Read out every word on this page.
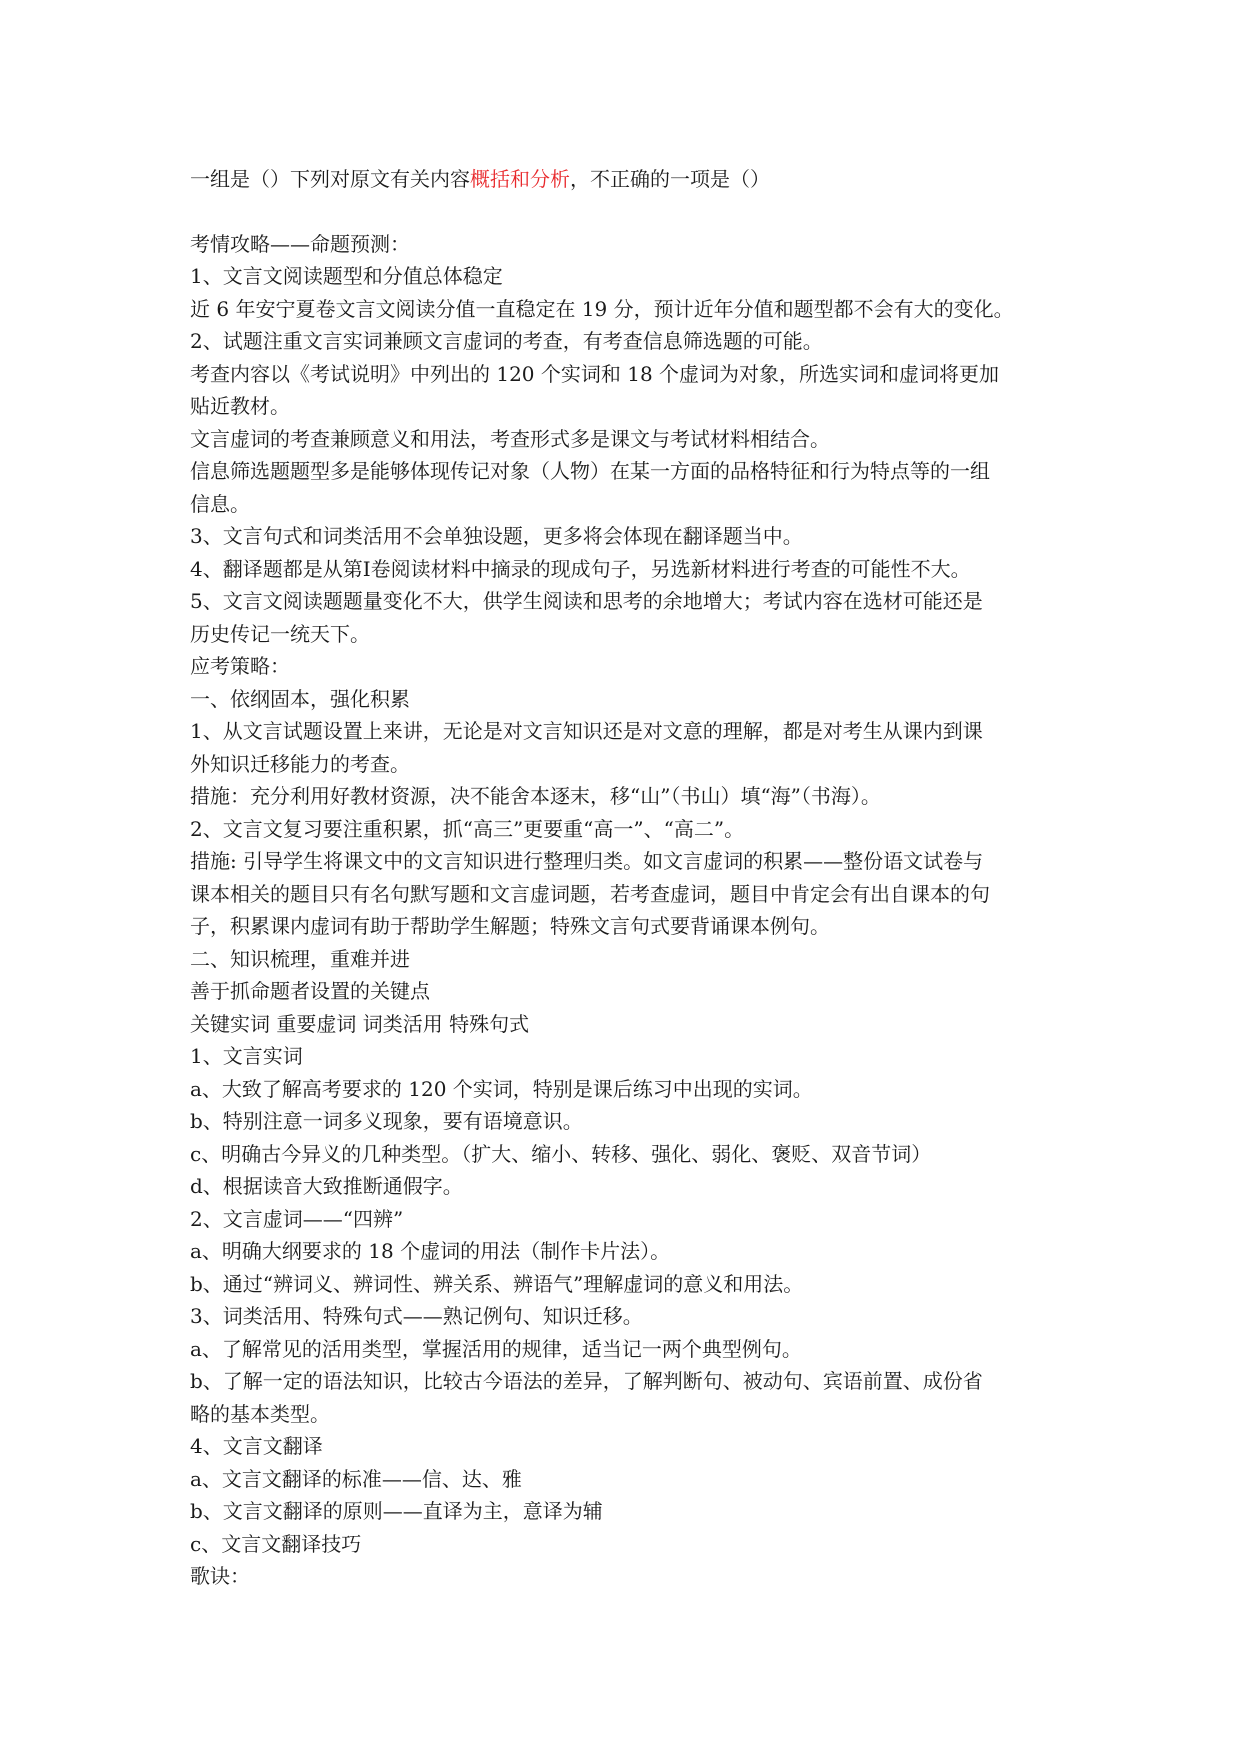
一组是（）下列对原文有关内容概括和分析，不正确的一项是（）

考情攻略——命题预测：

1、文言文阅读题型和分值总体稳定

近 6 年安宁夏卷文言文阅读分值一直稳定在 19 分，预计近年分值和题型都不会有大的变化。

2、试题注重文言实词兼顾文言虚词的考查，有考查信息筛选题的可能。

考查内容以《考试说明》中列出的 120 个实词和 18 个虚词为对象，所选实词和虚词将更加

贴近教材。

文言虚词的考查兼顾意义和用法，考查形式多是课文与考试材料相结合。

信息筛选题题型多是能够体现传记对象（人物）在某一方面的品格特征和行为特点等的一组

信息。

3、文言句式和词类活用不会单独设题，更多将会体现在翻译题当中。

4、翻译题都是从第Ⅰ卷阅读材料中摘录的现成句子，另选新材料进行考查的可能性不大。

5、文言文阅读题题量变化不大，供学生阅读和思考的余地增大；考试内容在选材可能还是

历史传记一统天下。

应考策略：

一、依纲固本，强化积累

1、从文言试题设置上来讲，无论是对文言知识还是对文意的理解，都是对考生从课内到课

外知识迁移能力的考查。

措施：充分利用好教材资源，决不能舍本逐末，移“山”（书山）填“海”（书海）。

2、文言文复习要注重积累，抓“高三”更要重“高一”、“高二”。

措施: 引导学生将课文中的文言知识进行整理归类。如文言虚词的积累——整份语文试卷与

课本相关的题目只有名句默写题和文言虚词题，若考查虚词，题目中肯定会有出自课本的句

子，积累课内虚词有助于帮助学生解题；特殊文言句式要背诵课本例句。

二、知识梳理，重难并进

善于抓命题者设置的关键点

关键实词 重要虚词 词类活用 特殊句式

1、文言实词

a、大致了解高考要求的 120 个实词，特别是课后练习中出现的实词。

b、特别注意一词多义现象，要有语境意识。

c、明确古今异义的几种类型。（扩大、缩小、转移、强化、弱化、褒贬、双音节词）

d、根据读音大致推断通假字。

2、文言虚词——“四辨”

a、明确大纲要求的 18 个虚词的用法（制作卡片法）。

b、通过“辨词义、辨词性、辨关系、辨语气”理解虚词的意义和用法。

3、词类活用、特殊句式——熟记例句、知识迁移。

a、了解常见的活用类型，掌握活用的规律，适当记一两个典型例句。

b、了解一定的语法知识，比较古今语法的差异，了解判断句、被动句、宾语前置、成份省

略的基本类型。

4、文言文翻译

a、文言文翻译的标准——信、达、雅

b、文言文翻译的原则——直译为主，意译为辅

c、文言文翻译技巧

歌诀：
